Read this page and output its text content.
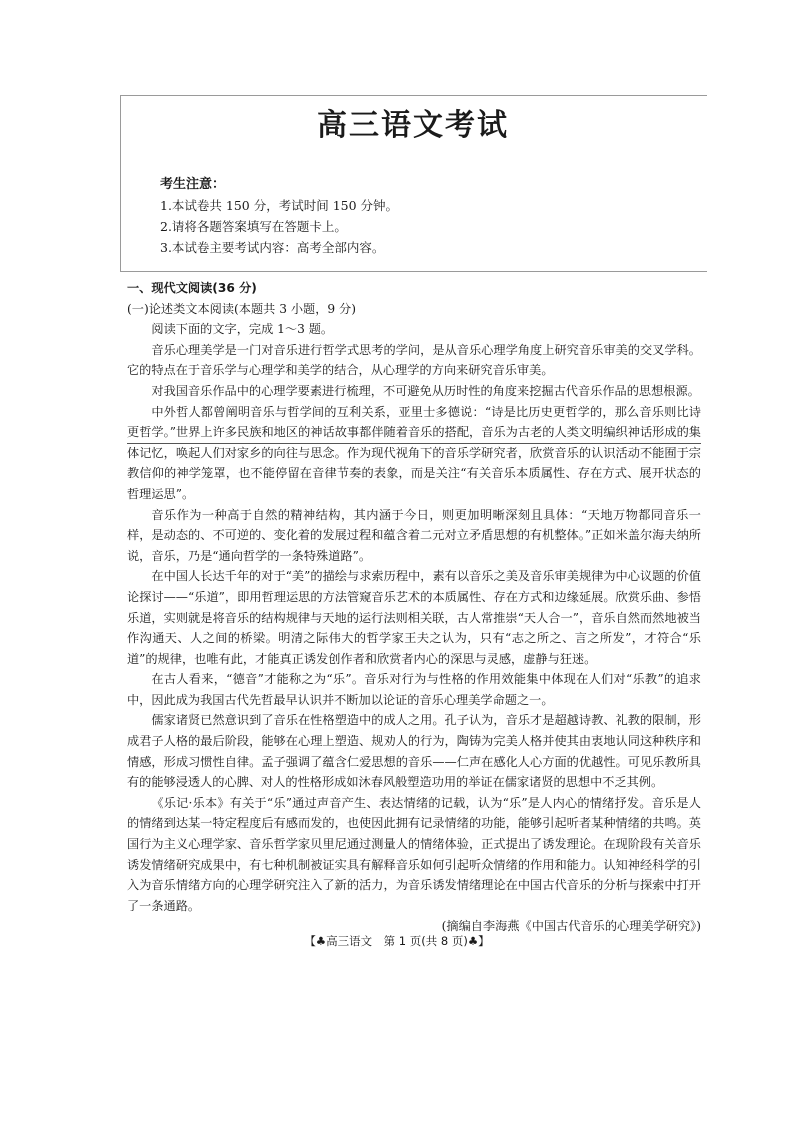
高三语文考试
考生注意：
1.本试卷共 150 分，考试时间 150 分钟。
2.请将各题答案填写在答题卡上。
3.本试卷主要考试内容：高考全部内容。

一、现代文阅读(36 分)

(一)论述类文本阅读(本题共 3 小题，9 分)

阅读下面的文字，完成 1～3 题。

音乐心理美学是一门对音乐进行哲学式思考的学问，是从音乐心理学角度上研究音乐审美的交叉学科。它的特点在于音乐学与心理学和美学的结合，从心理学的方向来研究音乐审美。

对我国音乐作品中的心理学要素进行梳理，不可避免从历时性的角度来挖掘古代音乐作品的思想根源。

中外哲人都曾阐明音乐与哲学间的互利关系，亚里士多德说：“诗是比历史更哲学的，那么音乐则比诗更哲学。”世界上许多民族和地区的神话故事都伴随着音乐的搭配，音乐为古老的人类文明编织神话形成的集体记忆，唤起人们对家乡的向往与思念。作为现代视角下的音乐学研究者，欣赏音乐的认识活动不能囿于宗教信仰的神学笼罩，也不能停留在音律节奏的表象，而是关注“有关音乐本质属性、存在方式、展开状态的哲理运思”。

音乐作为一种高于自然的精神结构，其内涵于今日，则更加明晰深刻且具体：“天地万物都同音乐一样，是动态的、不可逆的、变化着的发展过程和蕴含着二元对立矛盾思想的有机整体。”正如米盖尔海夫纳所说，音乐，乃是“通向哲学的一条特殊道路”。

在中国人长达千年的对于“美”的描绘与求索历程中，素有以音乐之美及音乐审美规律为中心议题的价值论探讨——“乐道”，即用哲理运思的方法管窥音乐艺术的本质属性、存在方式和边缘延展。欣赏乐曲、参悟乐道，实则就是将音乐的结构规律与天地的运行法则相关联，古人常推崇“天人合一”，音乐自然而然地被当作沟通天、人之间的桥梁。明清之际伟大的哲学家王夫之认为，只有“志之所之、言之所发”，才符合“乐道”的规律，也唯有此，才能真正诱发创作者和欣赏者内心的深思与灵感，虚静与狂迷。

在古人看来，“德音”才能称之为“乐”。音乐对行为与性格的作用效能集中体现在人们对“乐教”的追求中，因此成为我国古代先哲最早认识并不断加以论证的音乐心理美学命题之一。

儒家诸贤已然意识到了音乐在性格塑造中的成人之用。孔子认为，音乐才是超越诗教、礼教的限制，形成君子人格的最后阶段，能够在心理上塑造、规劝人的行为，陶铸为完美人格并使其由衷地认同这种秩序和情感，形成习惯性自律。孟子强调了蕴含仁爱思想的音乐——仁声在感化人心方面的优越性。可见乐教所具有的能够浸透人的心脾、对人的性格形成如沐春风般塑造功用的举证在儒家诸贤的思想中不乏其例。

《乐记·乐本》有关于“乐”通过声音产生、表达情绪的记载，认为“乐”是人内心的情绪抒发。音乐是人的情绪到达某一特定程度后有感而发的，也使因此拥有记录情绪的功能，能够引起听者某种情绪的共鸣。英国行为主义心理学家、音乐哲学家贝里尼通过测量人的情绪体验，正式提出了诱发理论。在现阶段有关音乐诱发情绪研究成果中，有七种机制被证实具有解释音乐如何引起听众情绪的作用和能力。认知神经科学的引入为音乐情绪方向的心理学研究注入了新的活力，为音乐诱发情绪理论在中国古代音乐的分析与探索中打开了一条通路。

(摘编自李海燕《中国古代音乐的心理美学研究》)

【♣高三语文　第 1 页(共 8 页)♣】
